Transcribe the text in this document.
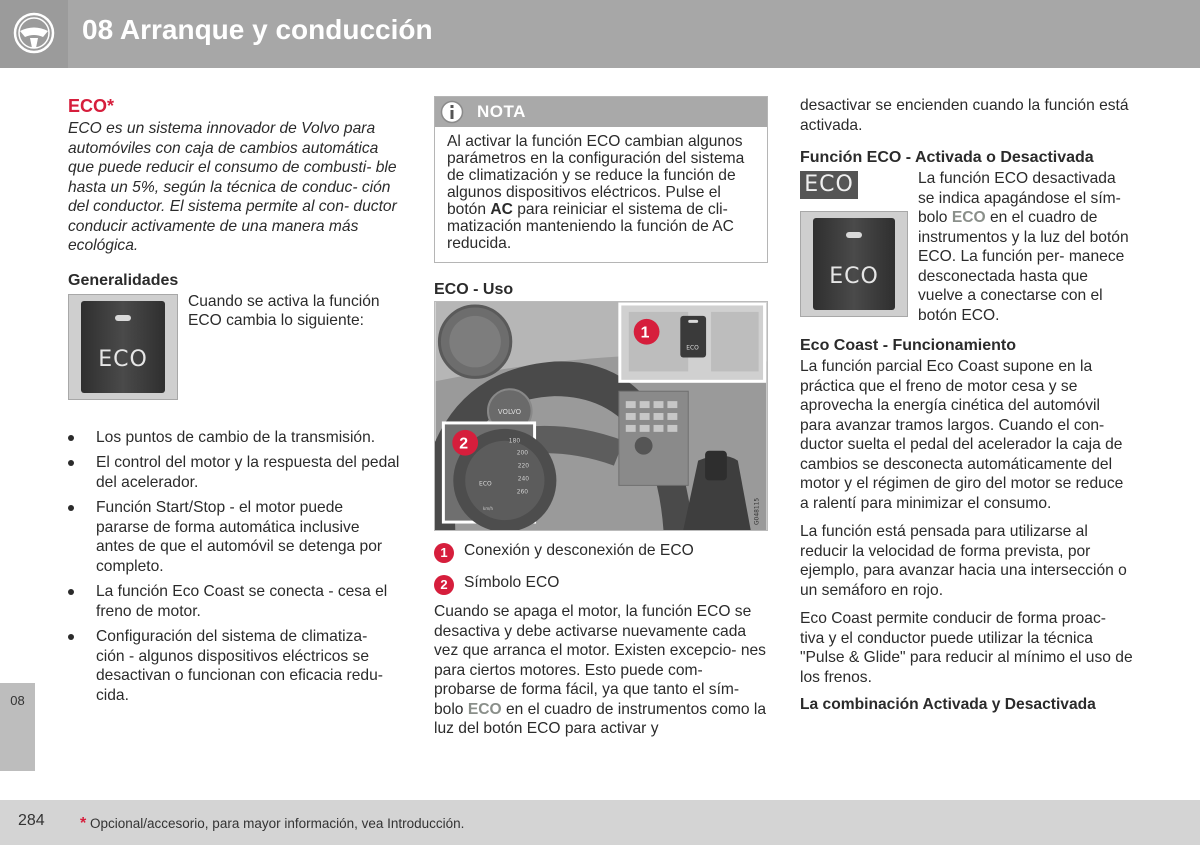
08 Arranque y conducción
08
284 * Opcional/accesorio, para mayor información, vea Introducción.
ECO*

ECO es un sistema innovador de Volvo para automóviles con caja de cambios automática que puede reducir el consumo de combusti- ble hasta un 5%, según la técnica de conduc- ción del conductor. El sistema permite al con- ductor conducir activamente de una manera más ecológica.

Generalidades
ECO

Cuando se activa la función ECO cambia lo siguiente:

Los puntos de cambio de la transmisión.
El control del motor y la respuesta del pedal del acelerador.
Función Start/Stop - el motor puede pararse de forma automática inclusive antes de que el automóvil se detenga por completo.
La función Eco Coast se conecta - cesa el freno de motor.
Configuración del sistema de climatiza- ción - algunos dispositivos eléctricos se desactivan o funcionan con eficacia redu- cida.
NOTA
Al activar la función ECO cambian algunos parámetros en la configuración del sistema de climatización y se reduce la función de algunos dispositivos eléctricos. Pulse el botón AC para reiniciar el sistema de cli- matización manteniendo la función de AC reducida.
ECO - Uso
VOLVO
ECO
1
180
200
220
240
260
ECO
km/h
2
G048115
1	Conexión y desconexión de ECO
2	Símbolo ECO

Cuando se apaga el motor, la función ECO se desactiva y debe activarse nuevamente cada vez que arranca el motor. Existen excepcio- nes para ciertos motores. Esto puede com- probarse de forma fácil, ya que tanto el sím- bolo ECO en el cuadro de instrumentos como la luz del botón ECO para activar y

desactivar se encienden cuando la función está activada.

Función ECO - Activada o Desactivada
ECO
ECO

La función ECO desactivada se indica apagándose el sím- bolo ECO en el cuadro de instrumentos y la luz del botón ECO. La función per- manece desconectada hasta que vuelve a conectarse con el botón ECO.

Eco Coast - Funcionamiento

La función parcial Eco Coast supone en la práctica que el freno de motor cesa y se aprovecha la energía cinética del automóvil para avanzar tramos largos. Cuando el con- ductor suelta el pedal del acelerador la caja de cambios se desconecta automáticamente del motor y el régimen de giro del motor se reduce a ralentí para minimizar el consumo.

La función está pensada para utilizarse al reducir la velocidad de forma prevista, por ejemplo, para avanzar hacia una intersección o un semáforo en rojo.

Eco Coast permite conducir de forma proac- tiva y el conductor puede utilizar la técnica "Pulse & Glide" para reducir al mínimo el uso de los frenos.

La combinación Activada y Desactivada
